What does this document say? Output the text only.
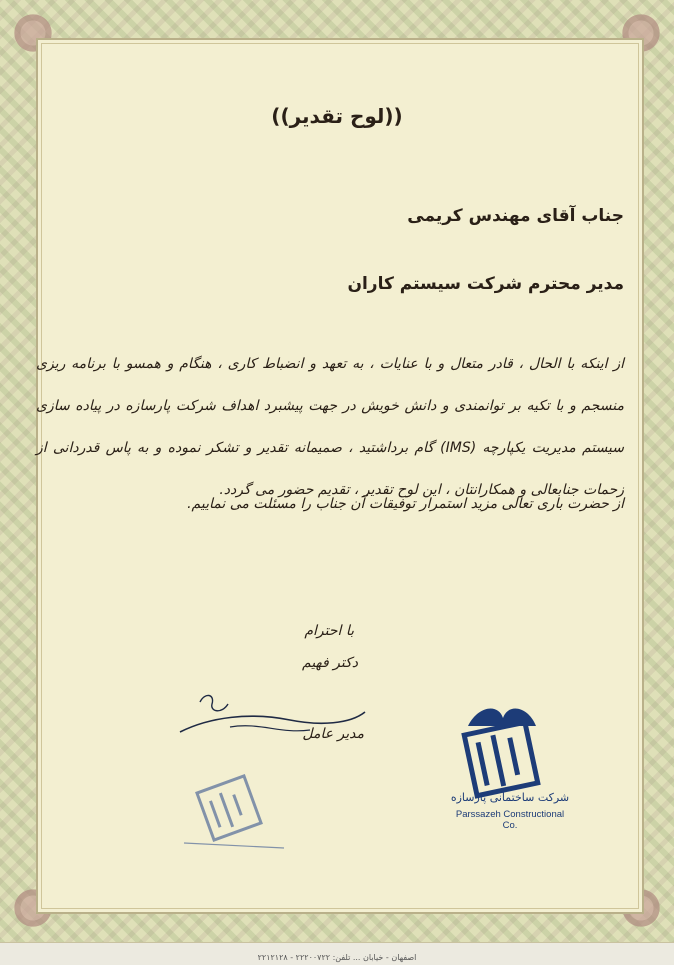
((لوح تقدیر))
جناب آقای مهندس کریمی
مدیر محترم شرکت سیستم کاران
از اینکه با الحال ، قادر متعال و با عنایات ، به تعهد و انضباط کاری ، هنگام و همسو با برنامه ریزی منسجم و با تکیه بر توانمندی و دانش خویش در جهت پیشبرد اهداف شرکت پارسازه در پیاده سازی سیستم مدیریت یکپارچه (IMS) گام برداشتید ، صمیمانه تقدیر و تشکر نموده و به پاس قدردانی از زحمات جنابعالی و همکارانتان ، این لوح تقدیر ، تقدیم حضور می گردد.
از حضرت باری تعالی مزید استمرار توفیقات آن جناب را مسئلت می نماییم.
با احترام
دکتر فهیم
مدیر عامل
شرکت ساختمانی پارسازه
Parssazeh Constructional Co.
اصفهان - خیابان ... تلفن: ۲۲۲۰۰۷۲۲ - ۲۲۱۲۱۲۸
